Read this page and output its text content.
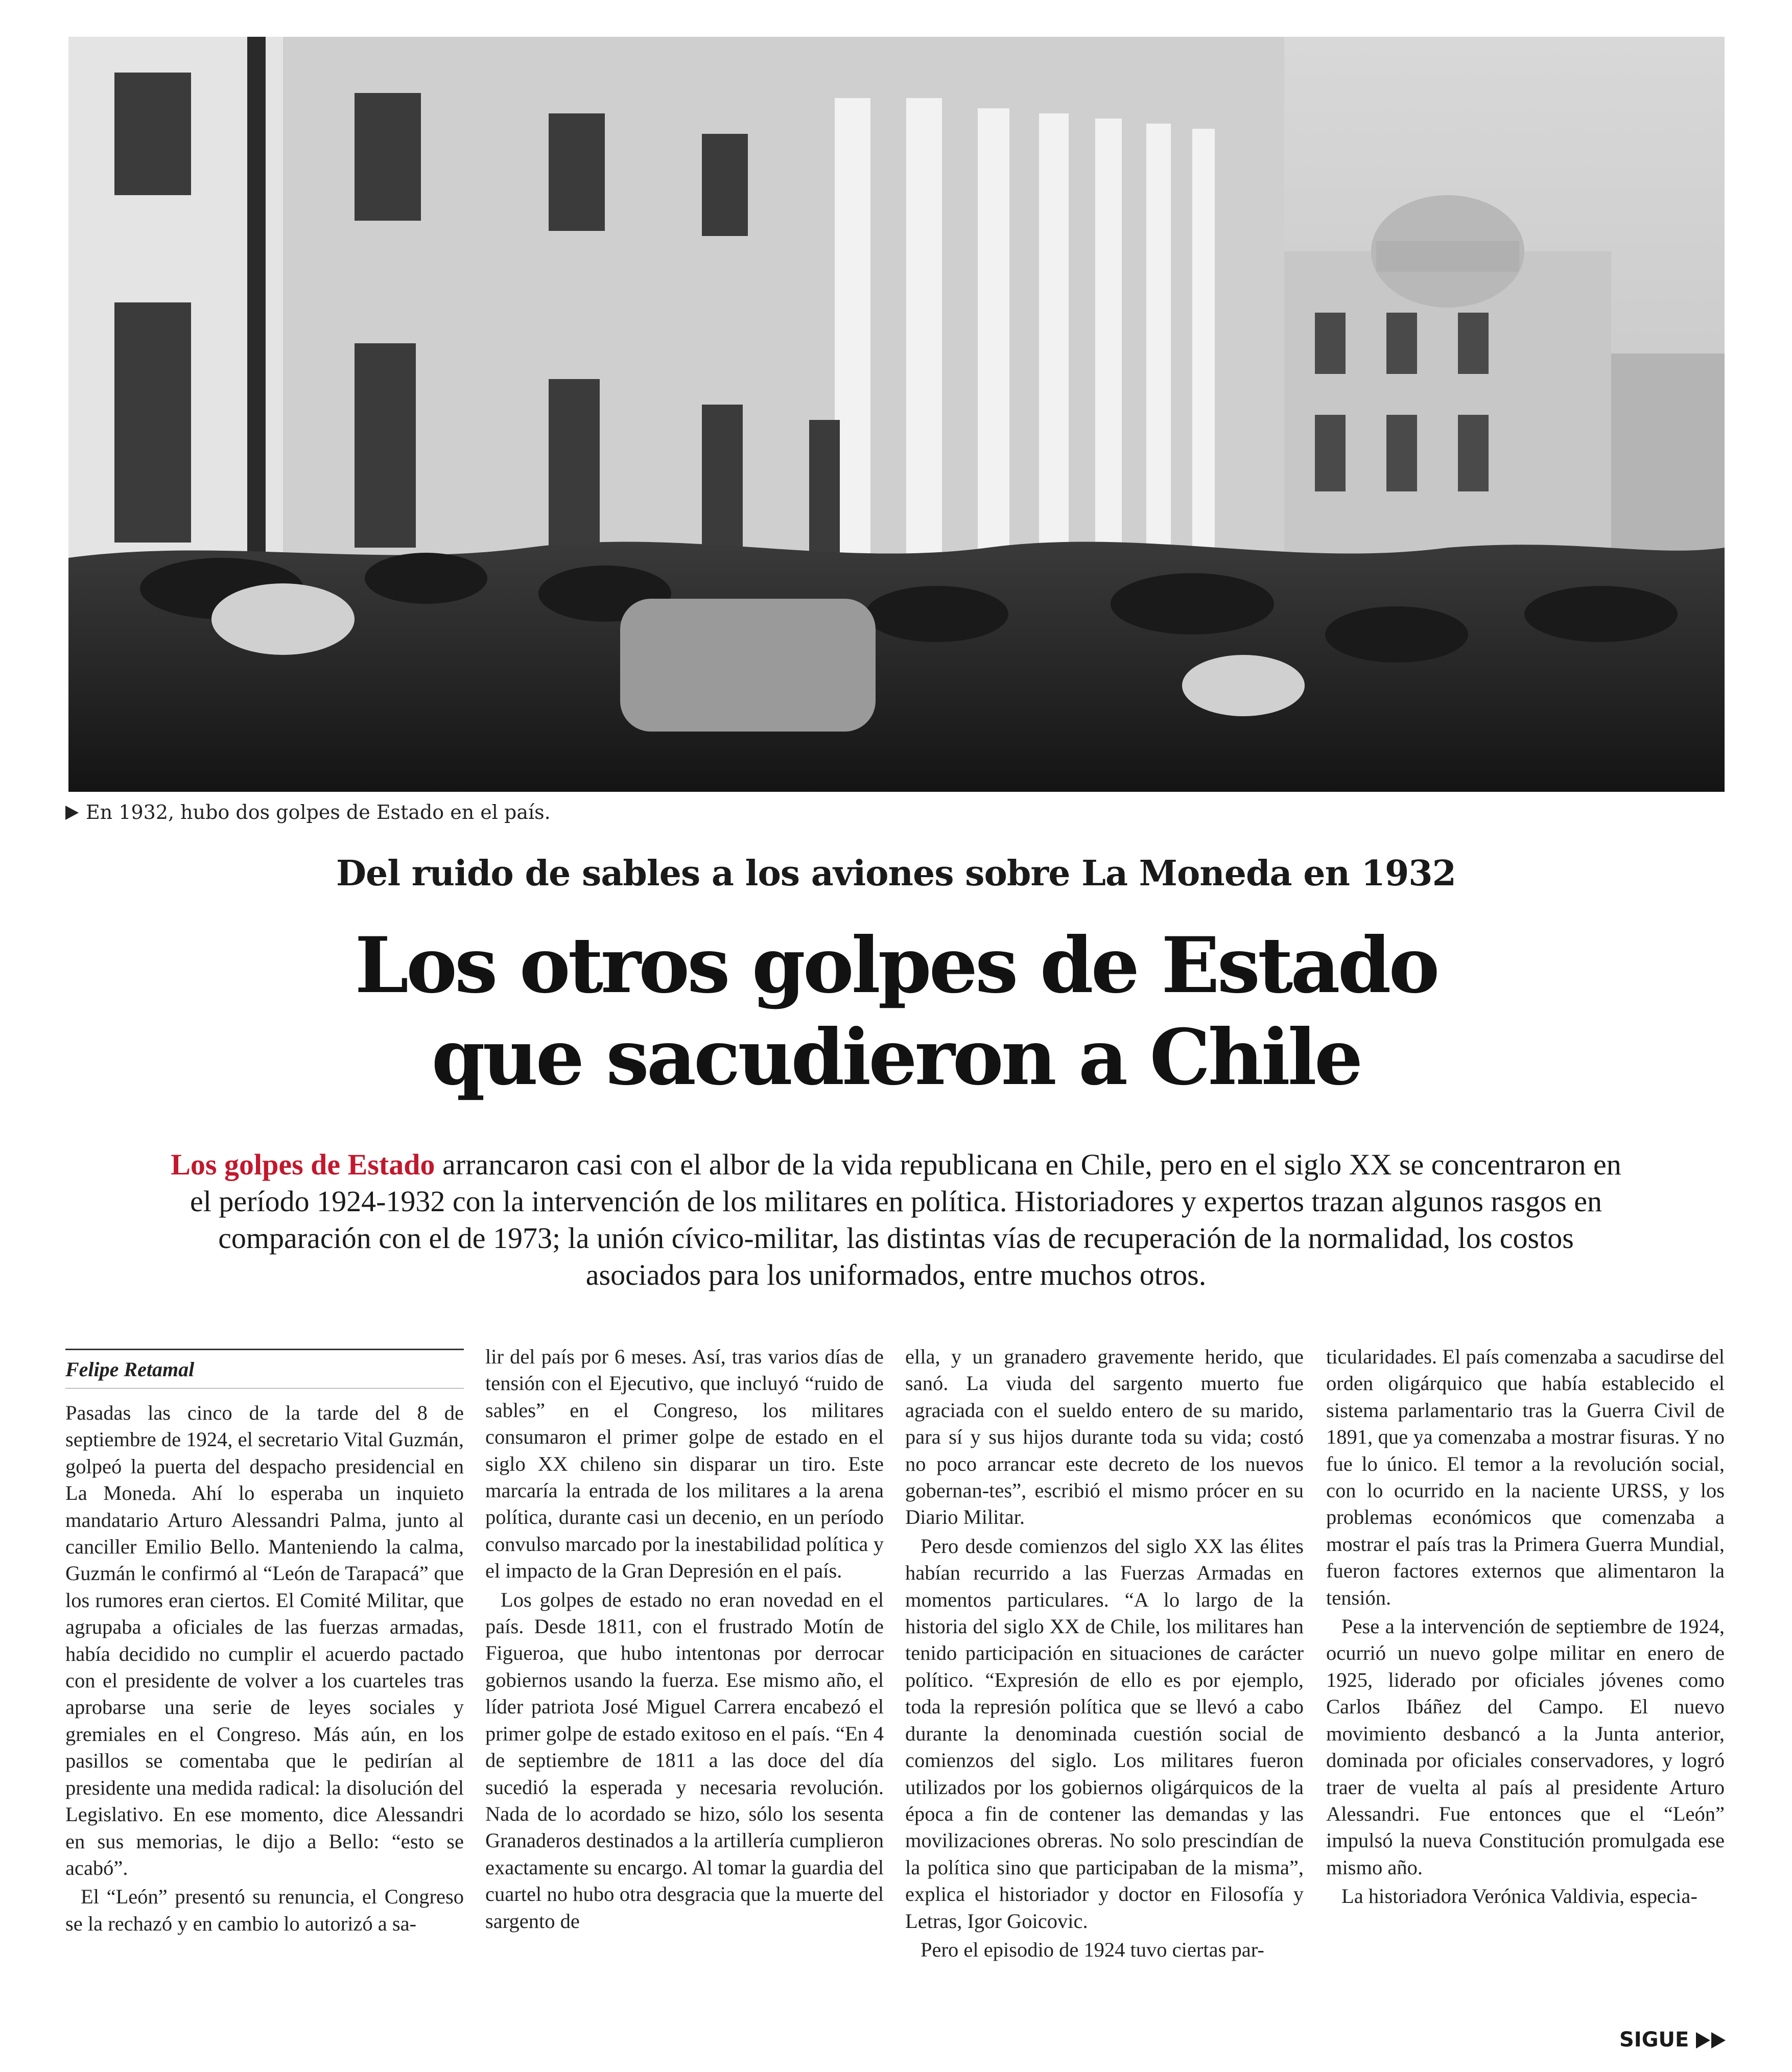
En 1932, hubo dos golpes de Estado en el país.
Del ruido de sables a los aviones sobre La Moneda en 1932
Los otros golpes de Estado
que sacudieron a Chile
Los golpes de Estado arrancaron casi con el albor de la vida republicana en Chile, pero en el siglo XX se concentraron en el período 1924-1932 con la intervención de los militares en política. Historiadores y expertos trazan algunos rasgos en comparación con el de 1973; la unión cívico-militar, las distintas vías de recuperación de la normalidad, los costos asociados para los uniformados, entre muchos otros.
Felipe Retamal

Pasadas las cinco de la tarde del 8 de septiembre de 1924, el secretario Vital Guzmán, golpeó la puerta del despacho presidencial en La Moneda. Ahí lo esperaba un inquieto mandatario Arturo Alessandri Palma, junto al canciller Emilio Bello. Manteniendo la calma, Guzmán le confirmó al “León de Tarapacá” que los rumores eran ciertos. El Comité Militar, que agrupaba a oficiales de las fuerzas armadas, había decidido no cumplir el acuerdo pactado con el presidente de volver a los cuarteles tras aprobarse una serie de leyes sociales y gremiales en el Congreso. Más aún, en los pasillos se comentaba que le pedirían al presidente una medida radical: la disolución del Legislativo. En ese momento, dice Alessandri en sus memorias, le dijo a Bello: “esto se acabó”.

El “León” presentó su renuncia, el Congreso se la rechazó y en cambio lo autorizó a sa-

lir del país por 6 meses. Así, tras varios días de tensión con el Ejecutivo, que incluyó “ruido de sables” en el Congreso, los militares consumaron el primer golpe de estado en el siglo XX chileno sin disparar un tiro. Este marcaría la entrada de los militares a la arena política, durante casi un decenio, en un período convulso marcado por la inestabilidad política y el impacto de la Gran Depresión en el país.

Los golpes de estado no eran novedad en el país. Desde 1811, con el frustrado Motín de Figueroa, que hubo intentonas por derrocar gobiernos usando la fuerza. Ese mismo año, el líder patriota José Miguel Carrera encabezó el primer golpe de estado exitoso en el país. “En 4 de septiembre de 1811 a las doce del día sucedió la esperada y necesaria revolución. Nada de lo acordado se hizo, sólo los sesenta Granaderos destinados a la artillería cumplieron exactamente su encargo. Al tomar la guardia del cuartel no hubo otra desgracia que la muerte del sargento de

ella, y un granadero gravemente herido, que sanó. La viuda del sargento muerto fue agraciada con el sueldo entero de su marido, para sí y sus hijos durante toda su vida; costó no poco arrancar este decreto de los nuevos gobernan-tes”, escribió el mismo prócer en su Diario Militar.

Pero desde comienzos del siglo XX las élites habían recurrido a las Fuerzas Armadas en momentos particulares. “A lo largo de la historia del siglo XX de Chile, los militares han tenido participación en situaciones de carácter político. “Expresión de ello es por ejemplo, toda la represión política que se llevó a cabo durante la denominada cuestión social de comienzos del siglo. Los militares fueron utilizados por los gobiernos oligárquicos de la época a fin de contener las demandas y las movilizaciones obreras. No solo prescindían de la política sino que participaban de la misma”, explica el historiador y doctor en Filosofía y Letras, Igor Goicovic.

Pero el episodio de 1924 tuvo ciertas par-

ticularidades. El país comenzaba a sacudirse del orden oligárquico que había establecido el sistema parlamentario tras la Guerra Civil de 1891, que ya comenzaba a mostrar fisuras. Y no fue lo único. El temor a la revolución social, con lo ocurrido en la naciente URSS, y los problemas económicos que comenzaba a mostrar el país tras la Primera Guerra Mundial, fueron factores externos que alimentaron la tensión.

Pese a la intervención de septiembre de 1924, ocurrió un nuevo golpe militar en enero de 1925, liderado por oficiales jóvenes como Carlos Ibáñez del Campo. El nuevo movimiento desbancó a la Junta anterior, dominada por oficiales conservadores, y logró traer de vuelta al país al presidente Arturo Alessandri. Fue entonces que el “León” impulsó la nueva Constitución promulgada ese mismo año.

La historiadora Verónica Valdivia, especia-

SIGUE
